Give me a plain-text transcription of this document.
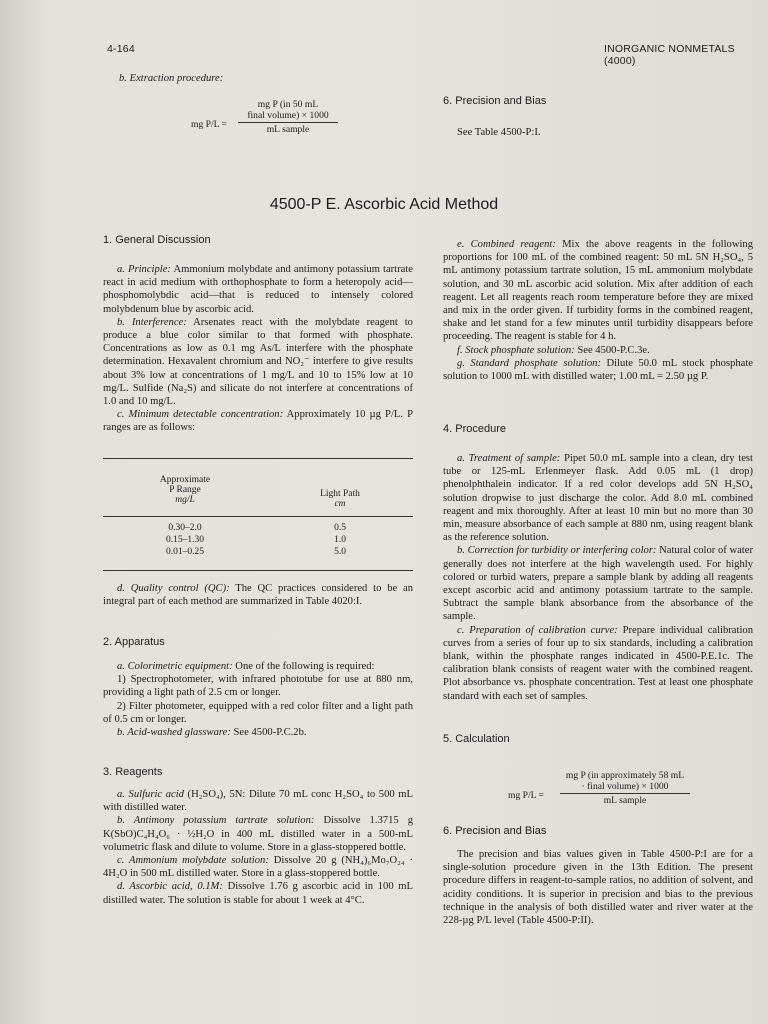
4-164	INORGANIC NONMETALS (4000)
b. Extraction procedure:
mg P/L =
mg P (in 50 mL
final volume) × 1000
mL sample
6. Precision and Bias
See Table 4500-P:I.
4500-P E. Ascorbic Acid Method
1. General Discussion

a. Principle: Ammonium molybdate and antimony potassium tartrate react in acid medium with orthophosphate to form a heteropoly acid—phosphomolybdic acid—that is reduced to intensely colored molybdenum blue by ascorbic acid.

b. Interference: Arsenates react with the molybdate reagent to produce a blue color similar to that formed with phosphate. Concentrations as low as 0.1 mg As/L interfere with the phosphate determination. Hexavalent chromium and NO₂⁻ interfere to give results about 3% low at concentrations of 1 mg/L and 10 to 15% low at 10 mg/L. Sulfide (Na₂S) and silicate do not interfere at concentrations of 1.0 and 10 mg/L.

c. Minimum detectable concentration: Approximately 10 µg P/L. P ranges are as follows:

Approximate
P Range
mg/L
Light Path
cm
0.30–2.0
0.15–1.30
0.01–0.25
0.5
1.0
5.0

d. Quality control (QC): The QC practices considered to be an integral part of each method are summarized in Table 4020:I.

2. Apparatus

a. Colorimetric equipment: One of the following is required:

1) Spectrophotometer, with infrared phototube for use at 880 nm, providing a light path of 2.5 cm or longer.

2) Filter photometer, equipped with a red color filter and a light path of 0.5 cm or longer.

b. Acid-washed glassware: See 4500-P.C.2b.

3. Reagents

a. Sulfuric acid (H₂SO₄), 5N: Dilute 70 mL conc H₂SO₄ to 500 mL with distilled water.

b. Antimony potassium tartrate solution: Dissolve 1.3715 g K(SbO)C₄H₄O₆ · ½H₂O in 400 mL distilled water in a 500-mL volumetric flask and dilute to volume. Store in a glass-stoppered bottle.

c. Ammonium molybdate solution: Dissolve 20 g (NH₄)₆Mo₇O₂₄ · 4H₂O in 500 mL distilled water. Store in a glass-stoppered bottle.

d. Ascorbic acid, 0.1M: Dissolve 1.76 g ascorbic acid in 100 mL distilled water. The solution is stable for about 1 week at 4°C.

e. Combined reagent: Mix the above reagents in the following proportions for 100 mL of the combined reagent: 50 mL 5N H₂SO₄, 5 mL antimony potassium tartrate solution, 15 mL ammonium molybdate solution, and 30 mL ascorbic acid solution. Mix after addition of each reagent. Let all reagents reach room temperature before they are mixed and mix in the order given. If turbidity forms in the combined reagent, shake and let stand for a few minutes until turbidity disappears before proceeding. The reagent is stable for 4 h.

f. Stock phosphate solution: See 4500-P.C.3e.

g. Standard phosphate solution: Dilute 50.0 mL stock phosphate solution to 1000 mL with distilled water; 1.00 mL = 2.50 µg P.

4. Procedure

a. Treatment of sample: Pipet 50.0 mL sample into a clean, dry test tube or 125-mL Erlenmeyer flask. Add 0.05 mL (1 drop) phenolphthalein indicator. If a red color develops add 5N H₂SO₄ solution dropwise to just discharge the color. Add 8.0 mL combined reagent and mix thoroughly. After at least 10 min but no more than 30 min, measure absorbance of each sample at 880 nm, using reagent blank as the reference solution.

b. Correction for turbidity or interfering color: Natural color of water generally does not interfere at the high wavelength used. For highly colored or turbid waters, prepare a sample blank by adding all reagents except ascorbic acid and antimony potassium tartrate to the sample. Subtract the sample blank absorbance from the absorbance of the sample.

c. Preparation of calibration curve: Prepare individual calibration curves from a series of four up to six standards, including a calibration blank, within the phosphate ranges indicated in 4500-P.E.1c. The calibration blank consists of reagent water with the combined reagent. Plot absorbance vs. phosphate concentration. Test at least one phosphate standard with each set of samples.

5. Calculation
mg P/L =
mg P (in approximately 58 mL
· final volume) × 1000
mL sample
6. Precision and Bias

The precision and bias values given in Table 4500-P:I are for a single-solution procedure given in the 13th Edition. The present procedure differs in reagent-to-sample ratios, no addition of solvent, and acidity conditions. It is superior in precision and bias to the previous technique in the analysis of both distilled water and river water at the 228-µg P/L level (Table 4500-P:II).
